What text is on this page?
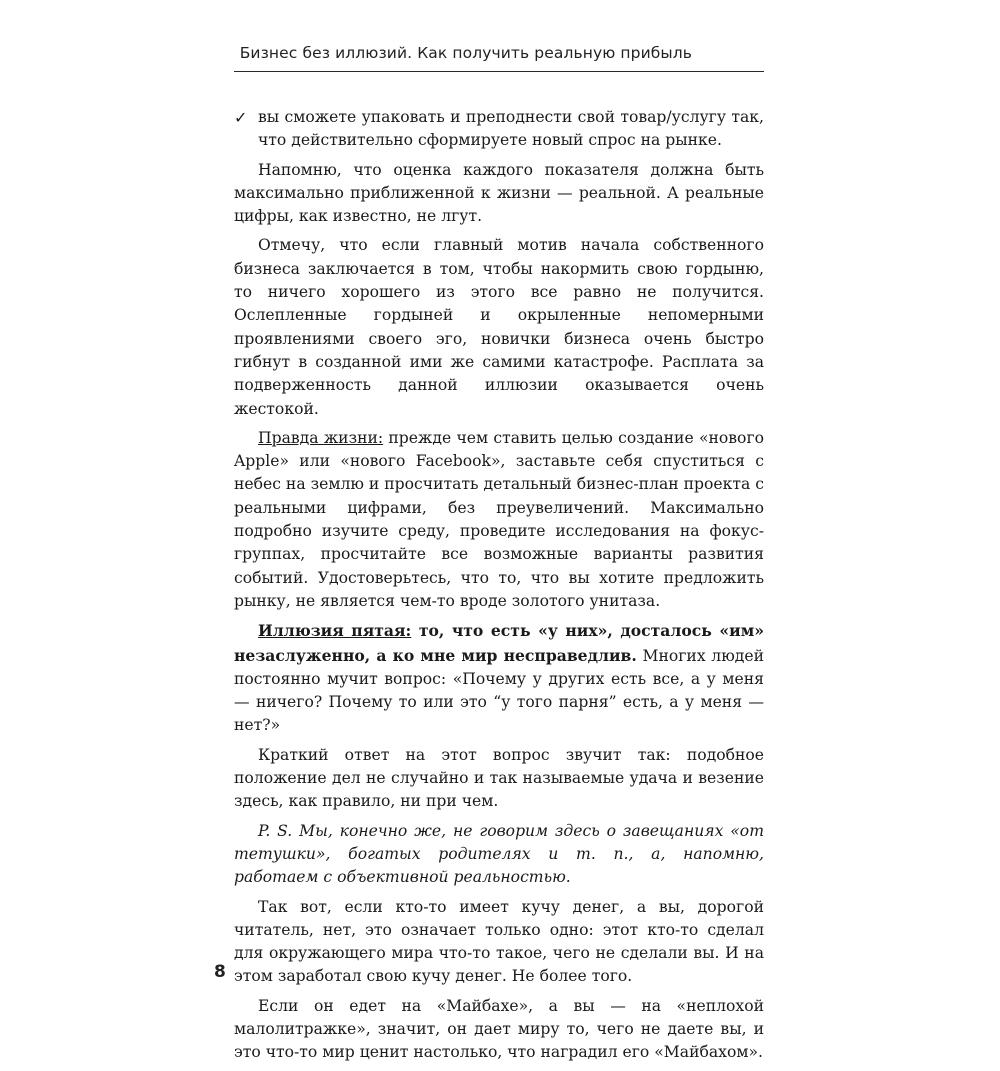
Бизнес без иллюзий. Как получить реальную прибыль

✓ вы сможете упаковать и преподнести свой товар/услугу так, что действительно сформируете новый спрос на рынке.

Напомню, что оценка каждого показателя должна быть максимально приближенной к жизни — реальной. А реальные цифры, как известно, не лгут.

Отмечу, что если главный мотив начала собственного бизнеса заключается в том, чтобы накормить свою гордыню, то ничего хорошего из этого все равно не получится. Ослепленные гордыней и окрыленные непомерными проявлениями своего эго, новички бизнеса очень быстро гибнут в созданной ими же самими катастрофе. Расплата за подверженность данной иллюзии оказывается очень жестокой.

Правда жизни: прежде чем ставить целью создание «нового Apple» или «нового Facebook», заставьте себя спуститься с небес на землю и просчитать детальный бизнес-план проекта с реальными цифрами, без преувеличений. Максимально подробно изучите среду, проведите исследования на фокус-группах, просчитайте все возможные варианты развития событий. Удостоверьтесь, что то, что вы хотите предложить рынку, не является чем-то вроде золотого унитаза.

Иллюзия пятая: то, что есть «у них», досталось «им» незаслуженно, а ко мне мир несправедлив. Многих людей постоянно мучит вопрос: «Почему у других есть все, а у меня — ничего? Почему то или это “у того парня” есть, а у меня — нет?»

Краткий ответ на этот вопрос звучит так: подобное положение дел не случайно и так называемые удача и везение здесь, как правило, ни при чем.

P. S. Мы, конечно же, не говорим здесь о завещаниях «от тетушки», богатых родителях и т. п., а, напомню, работаем с объективной реальностью.

Так вот, если кто-то имеет кучу денег, а вы, дорогой читатель, нет, это означает только одно: этот кто-то сделал для окружающего мира что-то такое, чего не сделали вы. И на этом заработал свою кучу денег. Не более того.

Если он едет на «Майбахе», а вы — на «неплохой малолитражке», значит, он дает миру то, чего не даете вы, и это что-то мир ценит настолько, что наградил его «Майбахом».

8
